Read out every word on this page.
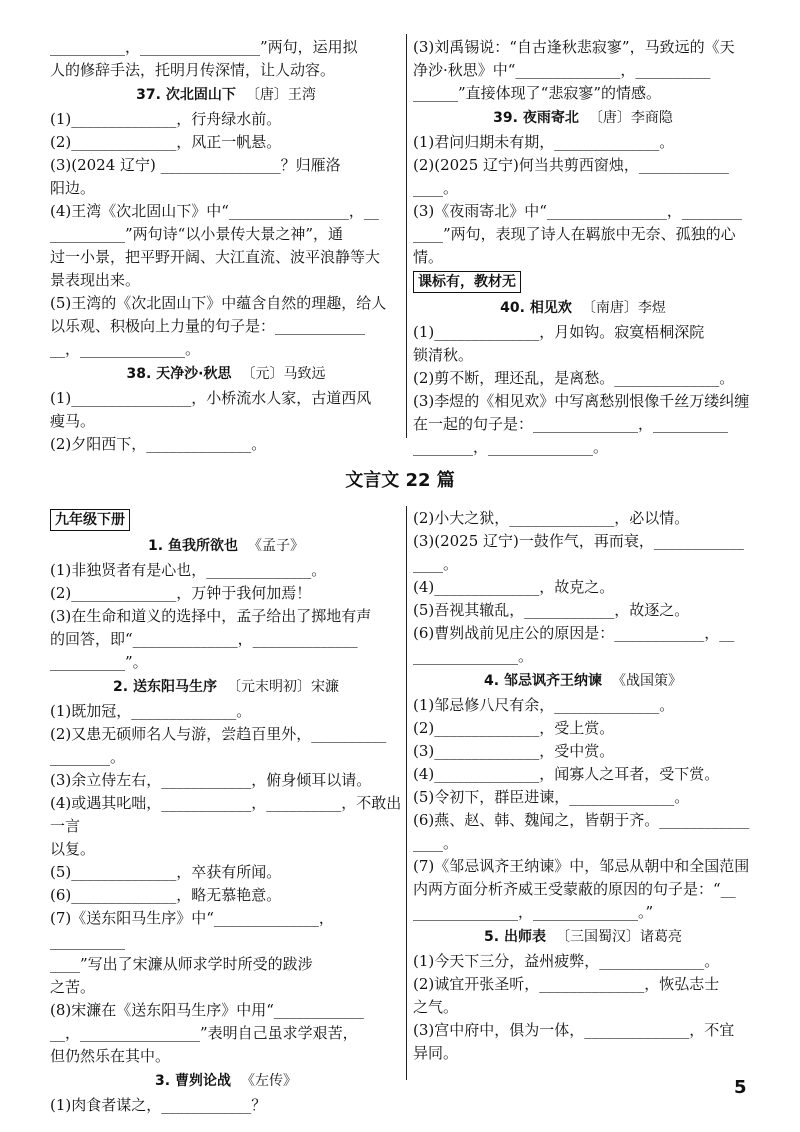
__________，________________”两句，运用拟

人的修辞手法，托明月传深情，让人动容。

37. 次北固山下 〔唐〕王湾

(1)______________，行舟绿水前。

(2)______________，风正一帆悬。

(3)(2024 辽宁) ________________？归雁洛

阳边。

(4)王湾《次北固山下》中“________________，__

__________”两句诗“以小景传大景之神”，通

过一小景，把平野开阔、大江直流、波平浪静等大

景表现出来。

(5)王湾的《次北固山下》中蕴含自然的理趣，给人

以乐观、积极向上力量的句子是：____________

__，______________。

38. 天净沙·秋思 〔元〕马致远

(1)________________，小桥流水人家，古道西风

瘦马。

(2)夕阳西下，______________。

(3)刘禹锡说：“自古逢秋悲寂寥”，马致远的《天

净沙·秋思》中“______________，__________

______”直接体现了“悲寂寥”的情感。

39. 夜雨寄北 〔唐〕李商隐

(1)君问归期未有期，______________。

(2)(2025 辽宁)何当共剪西窗烛，____________

____。

(3)《夜雨寄北》中“________________，________

____”两句，表现了诗人在羁旅中无奈、孤独的心情。

课标有，教材无
40. 相见欢 〔南唐〕李煜

(1)______________，月如钩。寂寞梧桐深院

锁清秋。

(2)剪不断，理还乱，是离愁。______________。

(3)李煜的《相见欢》中写离愁别恨像千丝万缕纠缠

在一起的句子是：______________，__________

________，______________。

文言文 22 篇
九年级下册
1. 鱼我所欲也 《孟子》

(1)非独贤者有是心也，______________。

(2)______________，万钟于我何加焉！

(3)在生命和道义的选择中，孟子给出了掷地有声

的回答，即“______________，______________

__________”。

2. 送东阳马生序 〔元末明初〕宋濂

(1)既加冠，______________。

(2)又患无硕师名人与游，尝趋百里外，__________

________。

(3)余立侍左右，____________，俯身倾耳以请。

(4)或遇其叱咄，____________，__________，不敢出一言

以复。

(5)______________，卒获有所闻。

(6)______________，略无慕艳意。

(7)《送东阳马生序》中“______________，__________

____”写出了宋濂从师求学时所受的跋涉

之苦。

(8)宋濂在《送东阳马生序》中用“____________

__，________________”表明自己虽求学艰苦，

但仍然乐在其中。

3. 曹刿论战 《左传》

(1)肉食者谋之，____________？

(2)小大之狱，______________，必以情。

(3)(2025 辽宁)一鼓作气，再而衰，____________

____。

(4)______________，故克之。

(5)吾视其辙乱，____________，故逐之。

(6)曹刿战前见庄公的原因是：____________，__

______________。

4. 邹忌讽齐王纳谏 《战国策》

(1)邹忌修八尺有余，______________。

(2)______________，受上赏。

(3)______________，受中赏。

(4)______________，闻寡人之耳者，受下赏。

(5)令初下，群臣进谏，______________。

(6)燕、赵、韩、魏闻之，皆朝于齐。____________

____。

(7)《邹忌讽齐王纳谏》中，邹忌从朝中和全国范围

内两方面分析齐威王受蒙蔽的原因的句子是：“__

______________，______________。”

5. 出师表 〔三国蜀汉〕诸葛亮

(1)今天下三分，益州疲弊，______________。

(2)诚宜开张圣听，______________，恢弘志士

之气。

(3)宫中府中，俱为一体，______________，不宜

异同。

5
